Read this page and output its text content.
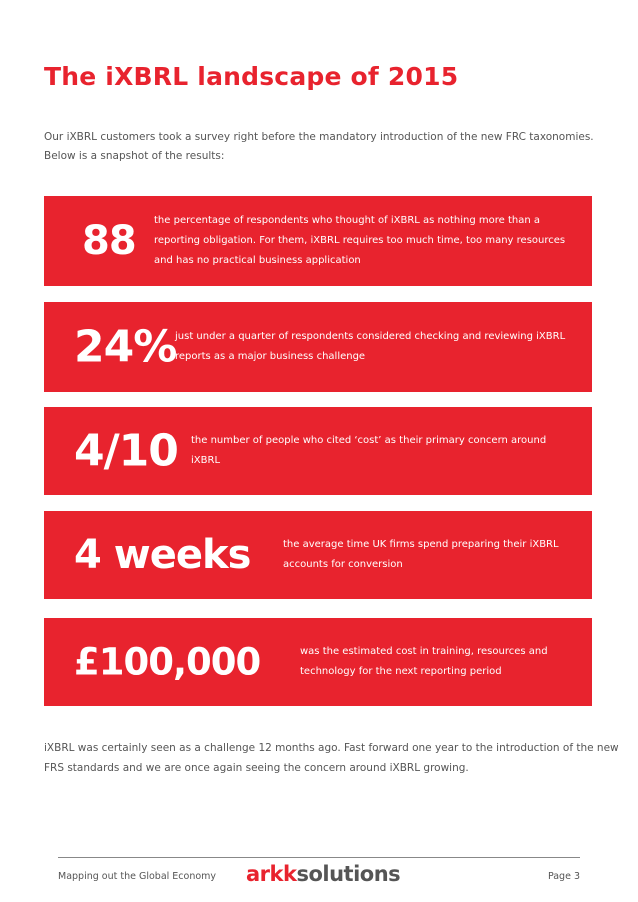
The iXBRL landscape of 2015

Our iXBRL customers took a survey right before the mandatory introduction of the new FRC taxonomies.
Below is a snapshot of the results:

88 the percentage of respondents who thought of iXBRL as nothing more than a
reporting obligation. For them, iXBRL requires too much time, too many resources
and has no practical business application
24%
just under a quarter of respondents considered checking and reviewing iXBRL
reports as a major business challenge
4/10 the number of people who cited ‘cost’ as their primary concern around
iXBRL
4 weeks	the average time UK firms spend preparing their iXBRL
accounts for conversion
£100,000	was the estimated cost in training, resources and
technology for the next reporting period

iXBRL was certainly seen as a challenge 12 months ago. Fast forward one year to the introduction of the new
FRS standards and we are once again seeing the concern around iXBRL growing.

Mapping out the Global Economy arkksolutions	Page 3
